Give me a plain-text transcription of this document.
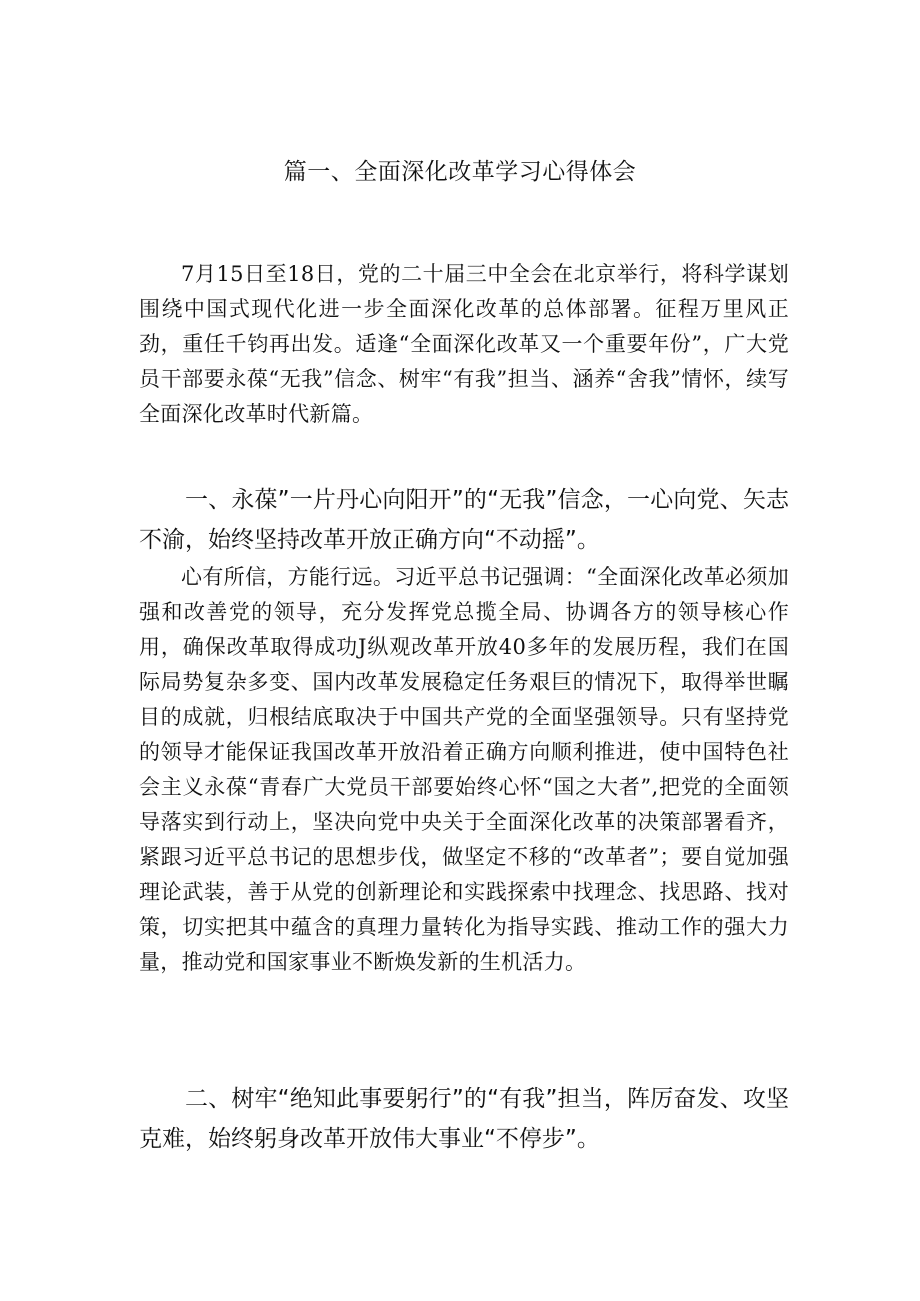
篇一、全面深化改革学习心得体会

7月15日至18日，党的二十届三中全会在北京举行，将科学谋划围绕中国式现代化进一步全面深化改革的总体部署。征程万里风正劲，重任千钧再出发。适逢“全面深化改革又一个重要年份”，广大党员干部要永葆“无我”信念、树牢“有我”担当、涵养“舍我”情怀，续写全面深化改革时代新篇。

一、永葆”一片丹心向阳开”的“无我”信念，一心向党、矢志不渝，始终坚持改革开放正确方向“不动摇”。

心有所信，方能行远。习近平总书记强调：“全面深化改革必须加强和改善党的领导，充分发挥党总揽全局、协调各方的领导核心作用，确保改革取得成功J纵观改革开放40多年的发展历程，我们在国际局势复杂多变、国内改革发展稳定任务艰巨的情况下，取得举世瞩目的成就，归根结底取决于中国共产党的全面坚强领导。只有坚持党的领导才能保证我国改革开放沿着正确方向顺利推进，使中国特色社会主义永葆“青春广大党员干部要始终心怀“国之大者”,把党的全面领导落实到行动上，坚决向党中央关于全面深化改革的决策部署看齐，紧跟习近平总书记的思想步伐，做坚定不移的“改革者”；要自觉加强理论武装，善于从党的创新理论和实践探索中找理念、找思路、找对策，切实把其中蕴含的真理力量转化为指导实践、推动工作的强大力量，推动党和国家事业不断焕发新的生机活力。

二、树牢“绝知此事要躬行”的“有我”担当，阵厉奋发、攻坚克难，始终躬身改革开放伟大事业“不停步”。
